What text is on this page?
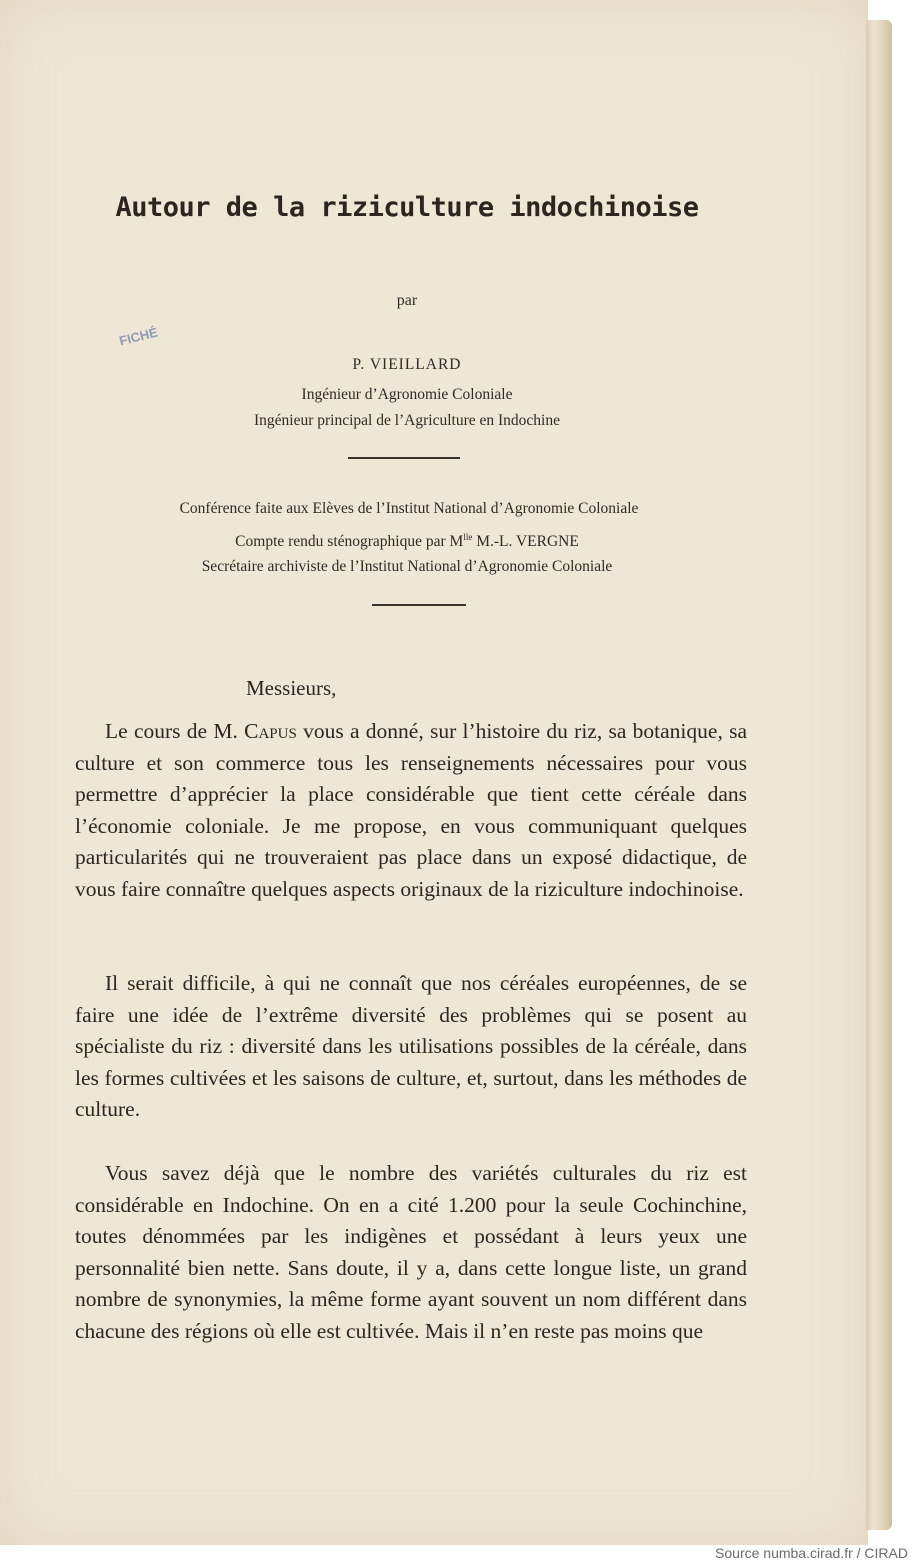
Autour de la riziculture indochinoise
par
FICHÉ
P. VIEILLARD
Ingénieur d’Agronomie Coloniale
Ingénieur principal de l’Agriculture en Indochine
Conférence faite aux Elèves de l’Institut National d’Agronomie Coloniale
Compte rendu sténographique par $M^{lle}$ M.-L. VERGNE
Secrétaire archiviste de l’Institut National d’Agronomie Coloniale
Messieurs,
Le cours de M. Capus vous a donné, sur l’histoire du riz, sa botanique, sa culture et son commerce tous les renseignements nécessaires pour vous permettre d’apprécier la place considérable que tient cette céréale dans l’économie coloniale. Je me propose, en vous communiquant quelques particularités qui ne trouveraient pas place dans un exposé didactique, de vous faire connaître quelques aspects originaux de la riziculture indochinoise.
Il serait difficile, à qui ne connaît que nos céréales européennes, de se faire une idée de l’extrême diversité des problèmes qui se posent au spécialiste du riz : diversité dans les utilisations possibles de la céréale, dans les formes cultivées et les saisons de culture, et, surtout, dans les méthodes de culture.
Vous savez déjà que le nombre des variétés culturales du riz est considérable en Indochine. On en a cité 1.200 pour la seule Cochinchine, toutes dénommées par les indigènes et possédant à leurs yeux une personnalité bien nette. Sans doute, il y a, dans cette longue liste, un grand nombre de synonymies, la même forme ayant souvent un nom différent dans chacune des régions où elle est cultivée. Mais il n’en reste pas moins que
Source numba.cirad.fr / CIRAD
